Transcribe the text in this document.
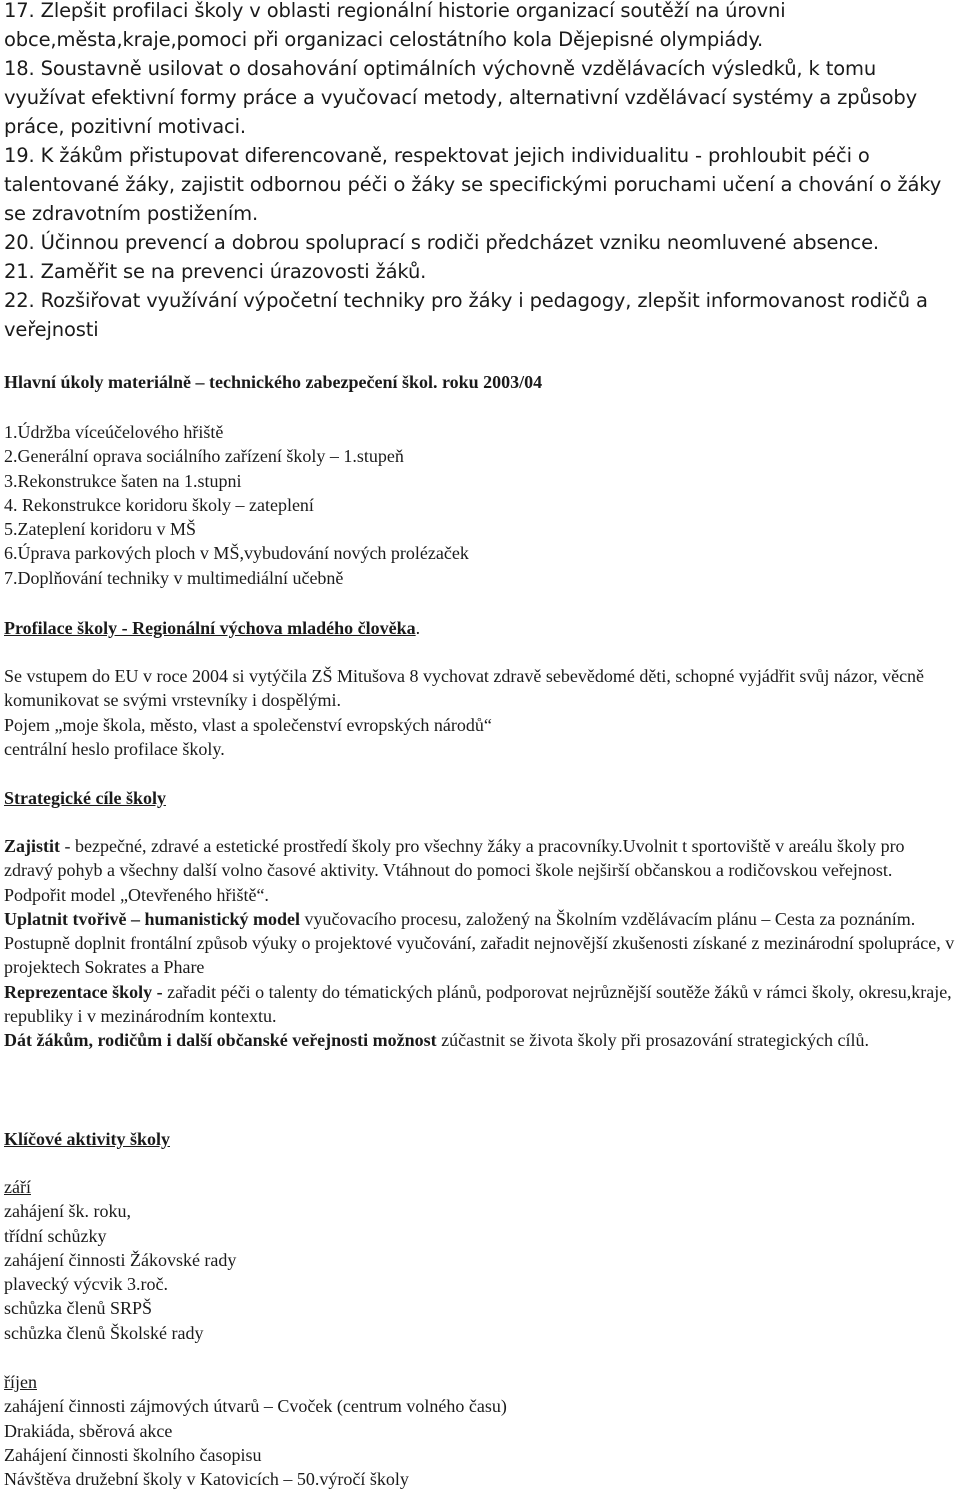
17. Zlepšit profilaci školy v oblasti regionální historie organizací soutěží na úrovni obce,města,kraje,pomoci při organizaci celostátního kola Dějepisné olympiády.

18. Soustavně usilovat o dosahování optimálních výchovně vzdělávacích výsledků, k tomu využívat efektivní formy práce a vyučovací metody, alternativní vzdělávací systémy a způsoby práce, pozitivní motivaci.

19. K žákům přistupovat diferencovaně, respektovat jejich individualitu - prohloubit péči o talentované žáky, zajistit odbornou péči o žáky se specifickými poruchami učení a chování o žáky se zdravotním postižením.

20. Účinnou prevencí a dobrou spoluprací s rodiči předcházet vzniku neomluvené absence.

21. Zaměřit se na prevenci úrazovosti žáků.

22. Rozšiřovat využívání výpočetní techniky pro žáky i pedagogy, zlepšit informovanost rodičů a veřejnosti

Hlavní úkoly materiálně – technického zabezpečení škol. roku 2003/04

1.Údržba víceúčelového hřiště

2.Generální oprava sociálního zařízení školy – 1.stupeň

3.Rekonstrukce šaten na 1.stupni

4. Rekonstrukce koridoru školy – zateplení

5.Zateplení koridoru v MŠ

6.Úprava parkových ploch v MŠ,vybudování nových prolézaček

7.Doplňování techniky v multimediální učebně

Profilace školy - Regionální výchova mladého člověka.

Se vstupem do EU v roce 2004 si vytýčila ZŠ Mitušova 8 vychovat zdravě sebevědomé děti, schopné vyjádřit svůj názor, věcně komunikovat se svými vrstevníky i dospělými.

Pojem „moje škola, město, vlast a společenství evropských národů“

centrální heslo profilace školy.

Strategické cíle školy

Zajistit - bezpečné, zdravé a estetické prostředí školy pro všechny žáky a pracovníky.Uvolnit t sportoviště v areálu školy pro zdravý pohyb a všechny další volno časové aktivity. Vtáhnout do pomoci škole nejširší občanskou a rodičovskou veřejnost. Podpořit model „Otevřeného hřiště“.

Uplatnit tvořivě – humanistický model vyučovacího procesu, založený na Školním vzdělávacím plánu – Cesta za poznáním. Postupně doplnit frontální způsob výuky o projektové vyučování, zařadit nejnovější zkušenosti získané z mezinárodní spolupráce, v projektech Sokrates a Phare

Reprezentace školy - zařadit péči o talenty do tématických plánů, podporovat nejrůznější soutěže žáků v rámci školy, okresu,kraje, republiky i v mezinárodním kontextu.

Dát žákům, rodičům i další občanské veřejnosti možnost zúčastnit se života školy při prosazování strategických cílů.

Klíčové aktivity školy

září

zahájení šk. roku,

třídní schůzky

zahájení činnosti Žákovské rady

plavecký výcvik 3.roč.

schůzka členů SRPŠ

schůzka členů Školské rady

říjen

zahájení činnosti zájmových útvarů – Cvoček (centrum volného času)

Drakiáda, sběrová akce

Zahájení činnosti školního časopisu

Návštěva družební školy v Katovicích – 50.výročí školy
